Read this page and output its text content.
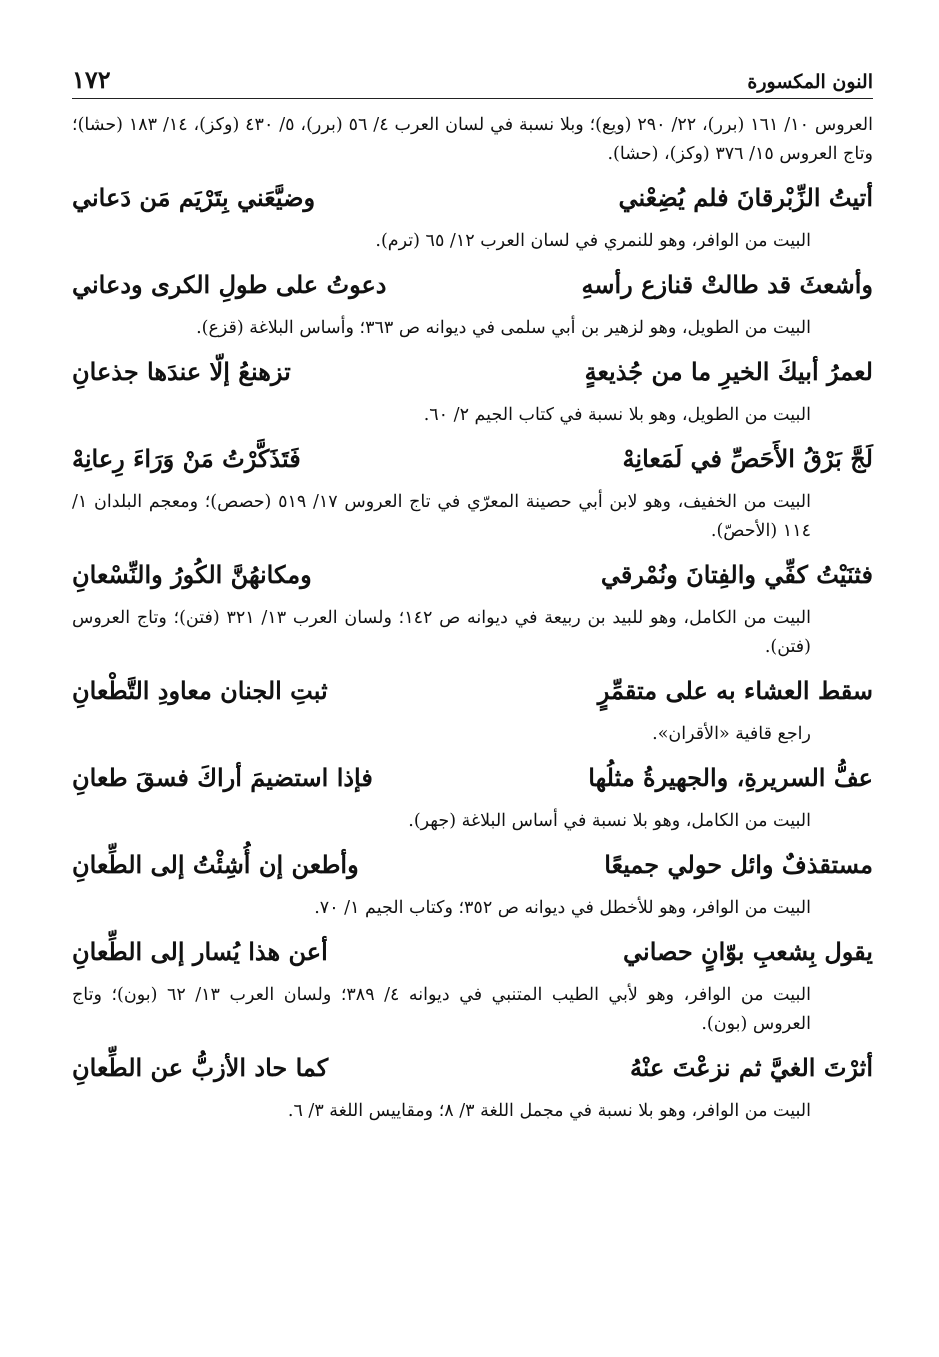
١٧٢	النون المكسورة

العروس ١٠/ ١٦١ (برر)، ٢٢/ ٢٩٠ (ويع)؛ وبلا نسبة في لسان العرب ٤/ ٥٦ (برر)، ٥/ ٤٣٠ (وكز)، ١٤/ ١٨٣ (حشا)؛ وتاج العروس ١٥/ ٣٧٦ (وكز)، (حشا).

أتيتُ الزِّبْرقانَ فلم يُضِعْني
وضيَّعَني بِتَرْيَم مَن دَعاني

البيت من الوافر، وهو للنمري في لسان العرب ١٢/ ٦٥ (ترم).

وأشعثَ قد طالتْ قنازع رأسهِ
دعوتُ على طولِ الكرى ودعاني

البيت من الطويل، وهو لزهير بن أبي سلمى في ديوانه ص ٣٦٣؛ وأساس البلاغة (قزع).

لعمرُ أبيكَ الخيرِ ما من جُذيعةٍ
تزهنعُ إلّا عندَها جذعانِ

البيت من الطويل، وهو بلا نسبة في كتاب الجيم ٢/ ٦٠.

لَجَّ بَرْقُ الأَحَصِّ في لَمَعانِهْ
فَتَذَكَّرْتُ مَنْ وَرَاءَ رِعانِهْ

البيت من الخفيف، وهو لابن أبي حصينة المعرّي في تاج العروس ١٧/ ٥١٩ (حصص)؛ ومعجم البلدان ١/ ١١٤ (الأحصّ).

فثنَيْتُ كفِّي والفِتانَ ونُمْرقي
ومكانهُنَّ الكُورُ والنِّسْعانِ

البيت من الكامل، وهو للبيد بن ربيعة في ديوانه ص ١٤٢؛ ولسان العرب ١٣/ ٣٢١ (فتن)؛ وتاج العروس (فتن).

سقط العشاء به على متقمِّرٍ
ثبتِ الجنان معاودِ التَّطْعانِ

راجع قافية «الأقران».

عفُّ السريرةِ، والجهيرةُ مثلُها
فإذا استضيمَ أراكَ فسقَ طعانِ

البيت من الكامل، وهو بلا نسبة في أساس البلاغة (جهر).

مستقذفٌ وائل حولي جميعًا
وأطعن إن أُشِئْتُ إلى الطِّعانِ

البيت من الوافر، وهو للأخطل في ديوانه ص ٣٥٢؛ وكتاب الجيم ١/ ٧٠.

يقول بِشعبِ بوّانٍ حصاني
أعن هذا يُسار إلى الطِّعانِ

البيت من الوافر، وهو لأبي الطيب المتنبي في ديوانه ٤/ ٣٨٩؛ ولسان العرب ١٣/ ٦٢ (بون)؛ وتاج العروس (بون).

أثرْتَ الغيَّ ثم نزعْتَ عنْهُ
كما حاد الأزبُّ عن الطِّعانِ

البيت من الوافر، وهو بلا نسبة في مجمل اللغة ٣/ ٨؛ ومقاييس اللغة ٣/ ٦.
